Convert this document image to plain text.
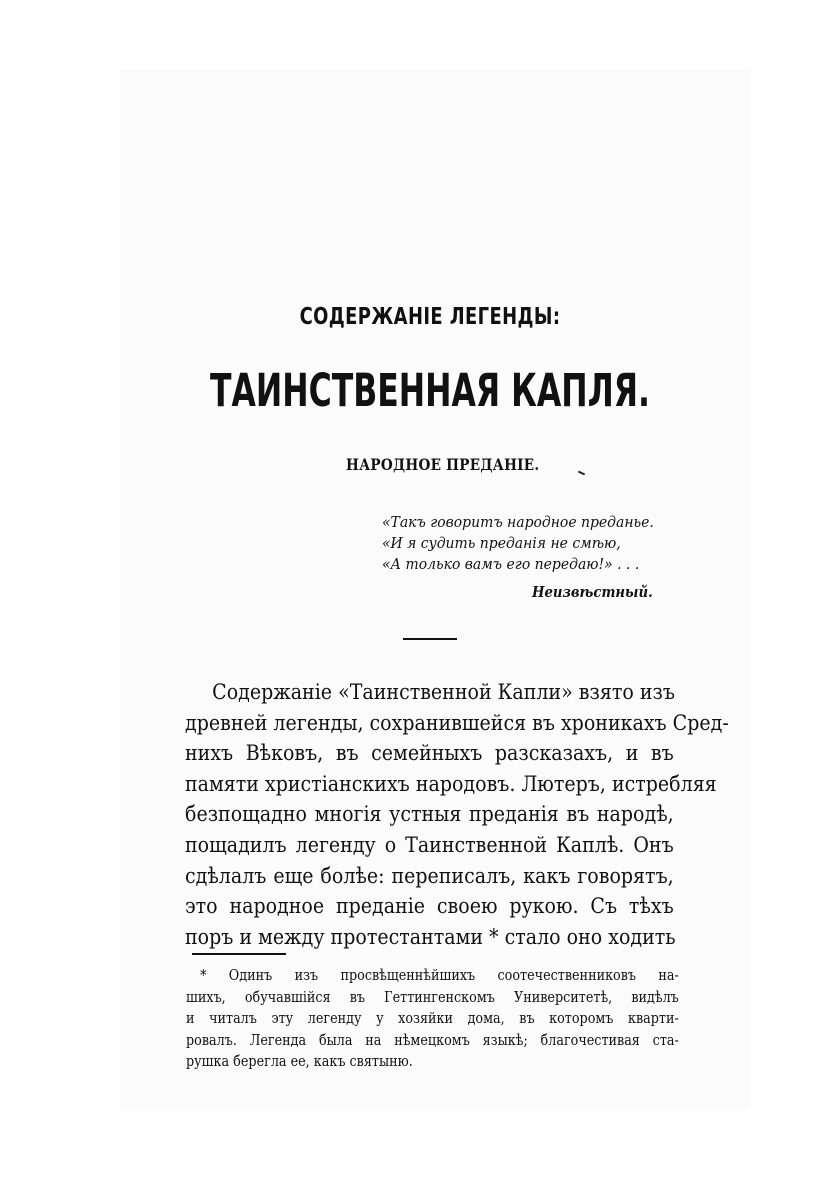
СОДЕРЖАНІЕ ЛЕГЕНДЫ:
ТАИНСТВЕННАЯ КАПЛЯ.
НАРОДНОЕ ПРЕДАНІЕ.
«Такъ говоритъ народное преданье.
«И я судить преданія не смѣю,
«А только вамъ его передаю!» . . .
Неизвѣстный.
Содержаніе «Таинственной Капли» взято изъ
древней легенды, сохранившейся въ хроникахъ Сред-
нихъ Вѣковъ, въ семейныхъ разсказахъ, и въ
памяти христіанскихъ народовъ. Лютеръ, истребляя
безпощадно многія устныя преданія въ народѣ,
пощадилъ легенду о Таинственной Каплѣ. Онъ
сдѣлалъ еще болѣе: переписалъ, какъ говорятъ,
это народное преданіе своею рукою. Съ тѣхъ
поръ и между протестантами * стало оно ходить
* Одинъ изъ просвѣщеннѣйшихъ соотечественниковъ на-
шихъ, обучавшійся въ Геттингенскомъ Университетѣ, видѣлъ
и читалъ эту легенду у хозяйки дома, въ которомъ кварти-
ровалъ. Легенда была на нѣмецкомъ языкѣ; благочестивая ста-
рушка берегла ее, какъ святыню.
